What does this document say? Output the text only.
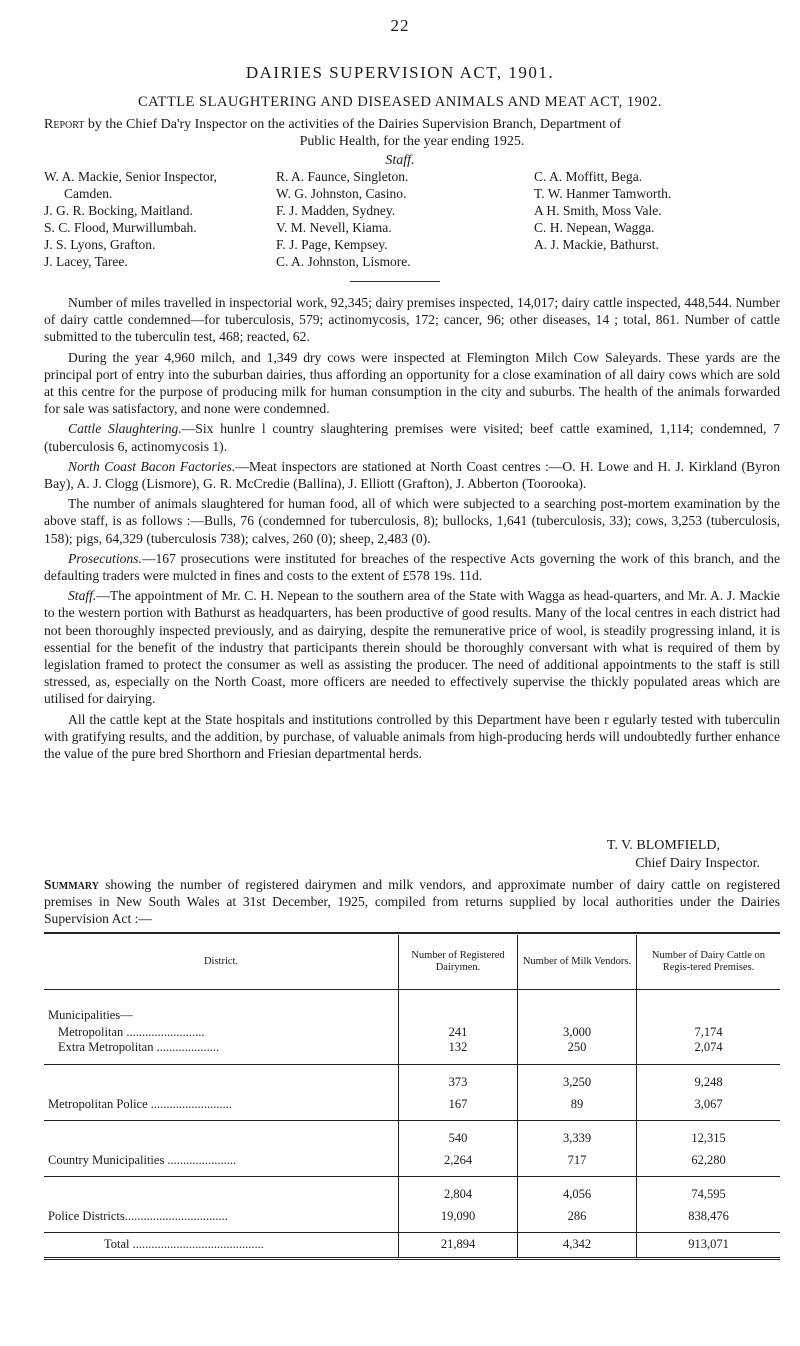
22
DAIRIES SUPERVISION ACT, 1901.
CATTLE SLAUGHTERING AND DISEASED ANIMALS AND MEAT ACT, 1902.
Report by the Chief Da'ry Inspector on the activities of the Dairies Supervision Branch, Department of
Public Health, for the year ending 1925.
Staff.
W. A. Mackie, Senior Inspector,
Camden.
J. G. R. Bocking, Maitland.
S. C. Flood, Murwillumbah.
J. S. Lyons, Grafton.
J. Lacey, Taree.
R. A. Faunce, Singleton.
W. G. Johnston, Casino.
F. J. Madden, Sydney.
V. M. Nevell, Kiama.
F. J. Page, Kempsey.
C. A. Johnston, Lismore.
C. A. Moffitt, Bega.
T. W. Hanmer Tamworth.
A H. Smith, Moss Vale.
C. H. Nepean, Wagga.
A. J. Mackie, Bathurst.

Number of miles travelled in inspectorial work, 92,345; dairy premises inspected, 14,017; dairy cattle inspected, 448,544. Number of dairy cattle condemned—for tuberculosis, 579; actinomycosis, 172; cancer, 96; other diseases, 14 ; total, 861. Number of cattle submitted to the tuberculin test, 468; reacted, 62.

During the year 4,960 milch, and 1,349 dry cows were inspected at Flemington Milch Cow Saleyards. These yards are the principal port of entry into the suburban dairies, thus affording an opportunity for a close examination of all dairy cows which are sold at this centre for the purpose of producing milk for human consumption in the city and suburbs. The health of the animals forwarded for sale was satisfactory, and none were condemned.

Cattle Slaughtering.—Six hunlre l country slaughtering premises were visited; beef cattle examined, 1,114; condemned, 7 (tuberculosis 6, actinomycosis 1).

North Coast Bacon Factories.—Meat inspectors are stationed at North Coast centres :—O. H. Lowe and H. J. Kirkland (Byron Bay), A. J. Clogg (Lismore), G. R. McCredie (Ballina), J. Elliott (Grafton), J. Abberton (Toorooka).

The number of animals slaughtered for human food, all of which were subjected to a searching post-mortem examination by the above staff, is as follows :—Bulls, 76 (condemned for tuberculosis, 8); bullocks, 1,641 (tuberculosis, 33); cows, 3,253 (tuberculosis, 158); pigs, 64,329 (tuberculosis 738); calves, 260 (0); sheep, 2,483 (0).

Prosecutions.—167 prosecutions were instituted for breaches of the respective Acts governing the work of this branch, and the defaulting traders were mulcted in fines and costs to the extent of £578 19s. 11d.

Staff.—The appointment of Mr. C. H. Nepean to the southern area of the State with Wagga as head-quarters, and Mr. A. J. Mackie to the western portion with Bathurst as headquarters, has been productive of good results. Many of the local centres in each district had not been thoroughly inspected previously, and as dairying, despite the remunerative price of wool, is steadily progressing inland, it is essential for the benefit of the industry that participants therein should be thoroughly conversant with what is required of them by legislation framed to protect the consumer as well as assisting the producer. The need of additional appointments to the staff is still stressed, as, especially on the North Coast, more officers are needed to effectively supervise the thickly populated areas which are utilised for dairying.

All the cattle kept at the State hospitals and institutions controlled by this Department have been r egularly tested with tuberculin with gratifying results, and the addition, by purchase, of valuable animals from high-producing herds will undoubtedly further enhance the value of the pure bred Shorthorn and Friesian departmental herds.

T. V. BLOMFIELD,
Chief Dairy Inspector.
Summary showing the number of registered dairymen and milk vendors, and approximate number of dairy cattle on registered premises in New South Wales at 31st December, 1925, compiled from returns supplied by local authorities under the Dairies Supervision Act :—
District.	Number of Registered Dairymen.	Number of Milk Vendors.	Number of Dairy Cattle on Regis-tered Premises.
Municipalities—			
Metropolitan .........................	241	3,000	7,174
Extra Metropolitan ....................	132	250	2,074
	373	3,250	9,248
Metropolitan Police ..........................	167	89	3,067
	540	3,339	12,315
Country Municipalities ......................	2,264	717	62,280
	2,804	4,056	74,595
Police Districts.................................	19,090	286	838,476
Total ..........................................	21,894	4,342	913,071
